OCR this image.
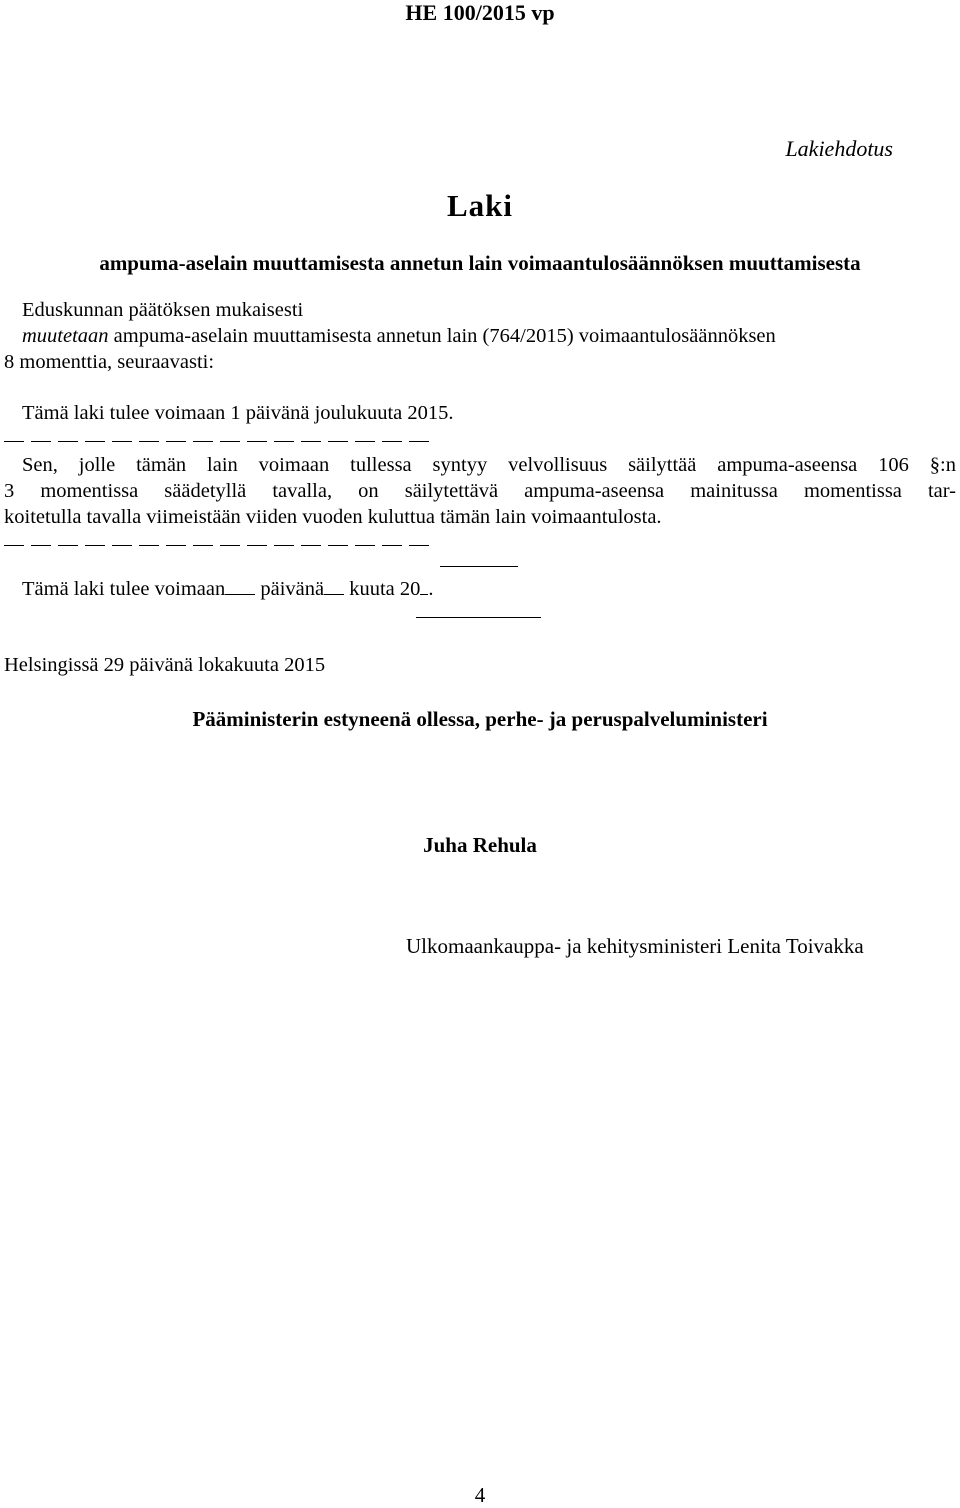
HE 100/2015 vp
Lakiehdotus
Laki
ampuma-aselain muuttamisesta annetun lain voimaantulosäännöksen muuttamisesta
Eduskunnan päätöksen mukaisesti
muutetaan ampuma-aselain muuttamisesta annetun lain (764/2015) voimaantulosäännöksen
8 momenttia, seuraavasti:
Tämä laki tulee voimaan 1 päivänä joulukuuta 2015.
Sen, jolle tämän lain voimaan tullessa syntyy velvollisuus säilyttää ampuma-aseensa 106 §:n
3 momentissa säädetyllä tavalla, on säilytettävä ampuma-aseensa mainitussa momentissa tar-
koitetulla tavalla viimeistään viiden vuoden kuluttua tämän lain voimaantulosta.
Tämä laki tulee voimaan päivänä kuuta 20 .
Helsingissä 29 päivänä lokakuuta 2015
Pääministerin estyneenä ollessa, perhe- ja peruspalveluministeri
Juha Rehula
Ulkomaankauppa- ja kehitysministeri Lenita Toivakka
4
